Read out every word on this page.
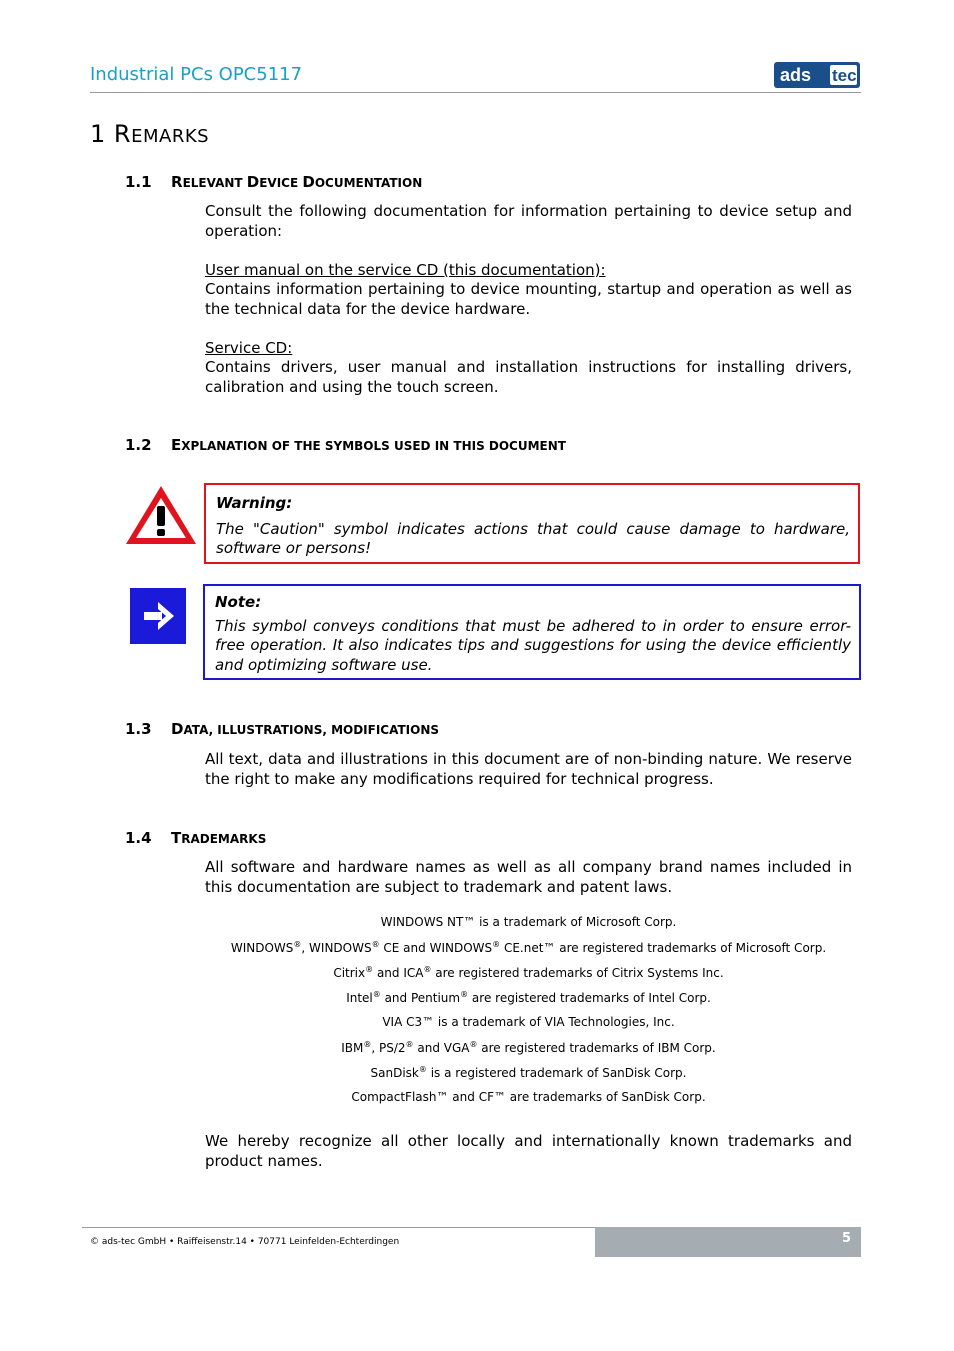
Industrial PCs OPC5117	ads tec
1 REMARKS
1.1 RELEVANT DEVICE DOCUMENTATION
Consult the following documentation for information pertaining to device setup and operation:
User manual on the service CD (this documentation):
Contains information pertaining to device mounting, startup and operation as well as the technical data for the device hardware.
Service CD:
Contains drivers, user manual and installation instructions for installing drivers, calibration and using the touch screen.
1.2 EXPLANATION OF THE SYMBOLS USED IN THIS DOCUMENT
Warning:
The "Caution" symbol indicates actions that could cause damage to hardware, software or persons!
Note:
This symbol conveys conditions that must be adhered to in order to ensure error-free operation. It also indicates tips and suggestions for using the device efficiently and optimizing software use.
1.3 DATA, ILLUSTRATIONS, MODIFICATIONS
All text, data and illustrations in this document are of non-binding nature. We reserve the right to make any modifications required for technical progress.
1.4 TRADEMARKS
All software and hardware names as well as all company brand names included in this documentation are subject to trademark and patent laws.
WINDOWS NT™ is a trademark of Microsoft Corp.
WINDOWS®, WINDOWS® CE and WINDOWS® CE.net™ are registered trademarks of Microsoft Corp.
Citrix® and ICA® are registered trademarks of Citrix Systems Inc.
Intel® and Pentium® are registered trademarks of Intel Corp.
VIA C3™ is a trademark of VIA Technologies, Inc.
IBM®, PS/2® and VGA® are registered trademarks of IBM Corp.
SanDisk® is a registered trademark of SanDisk Corp.
CompactFlash™ and CF™ are trademarks of SanDisk Corp.
We hereby recognize all other locally and internationally known trademarks and product names.
© ads-tec GmbH • Raiffeisenstr.14 • 70771 Leinfelden-Echterdingen	5
